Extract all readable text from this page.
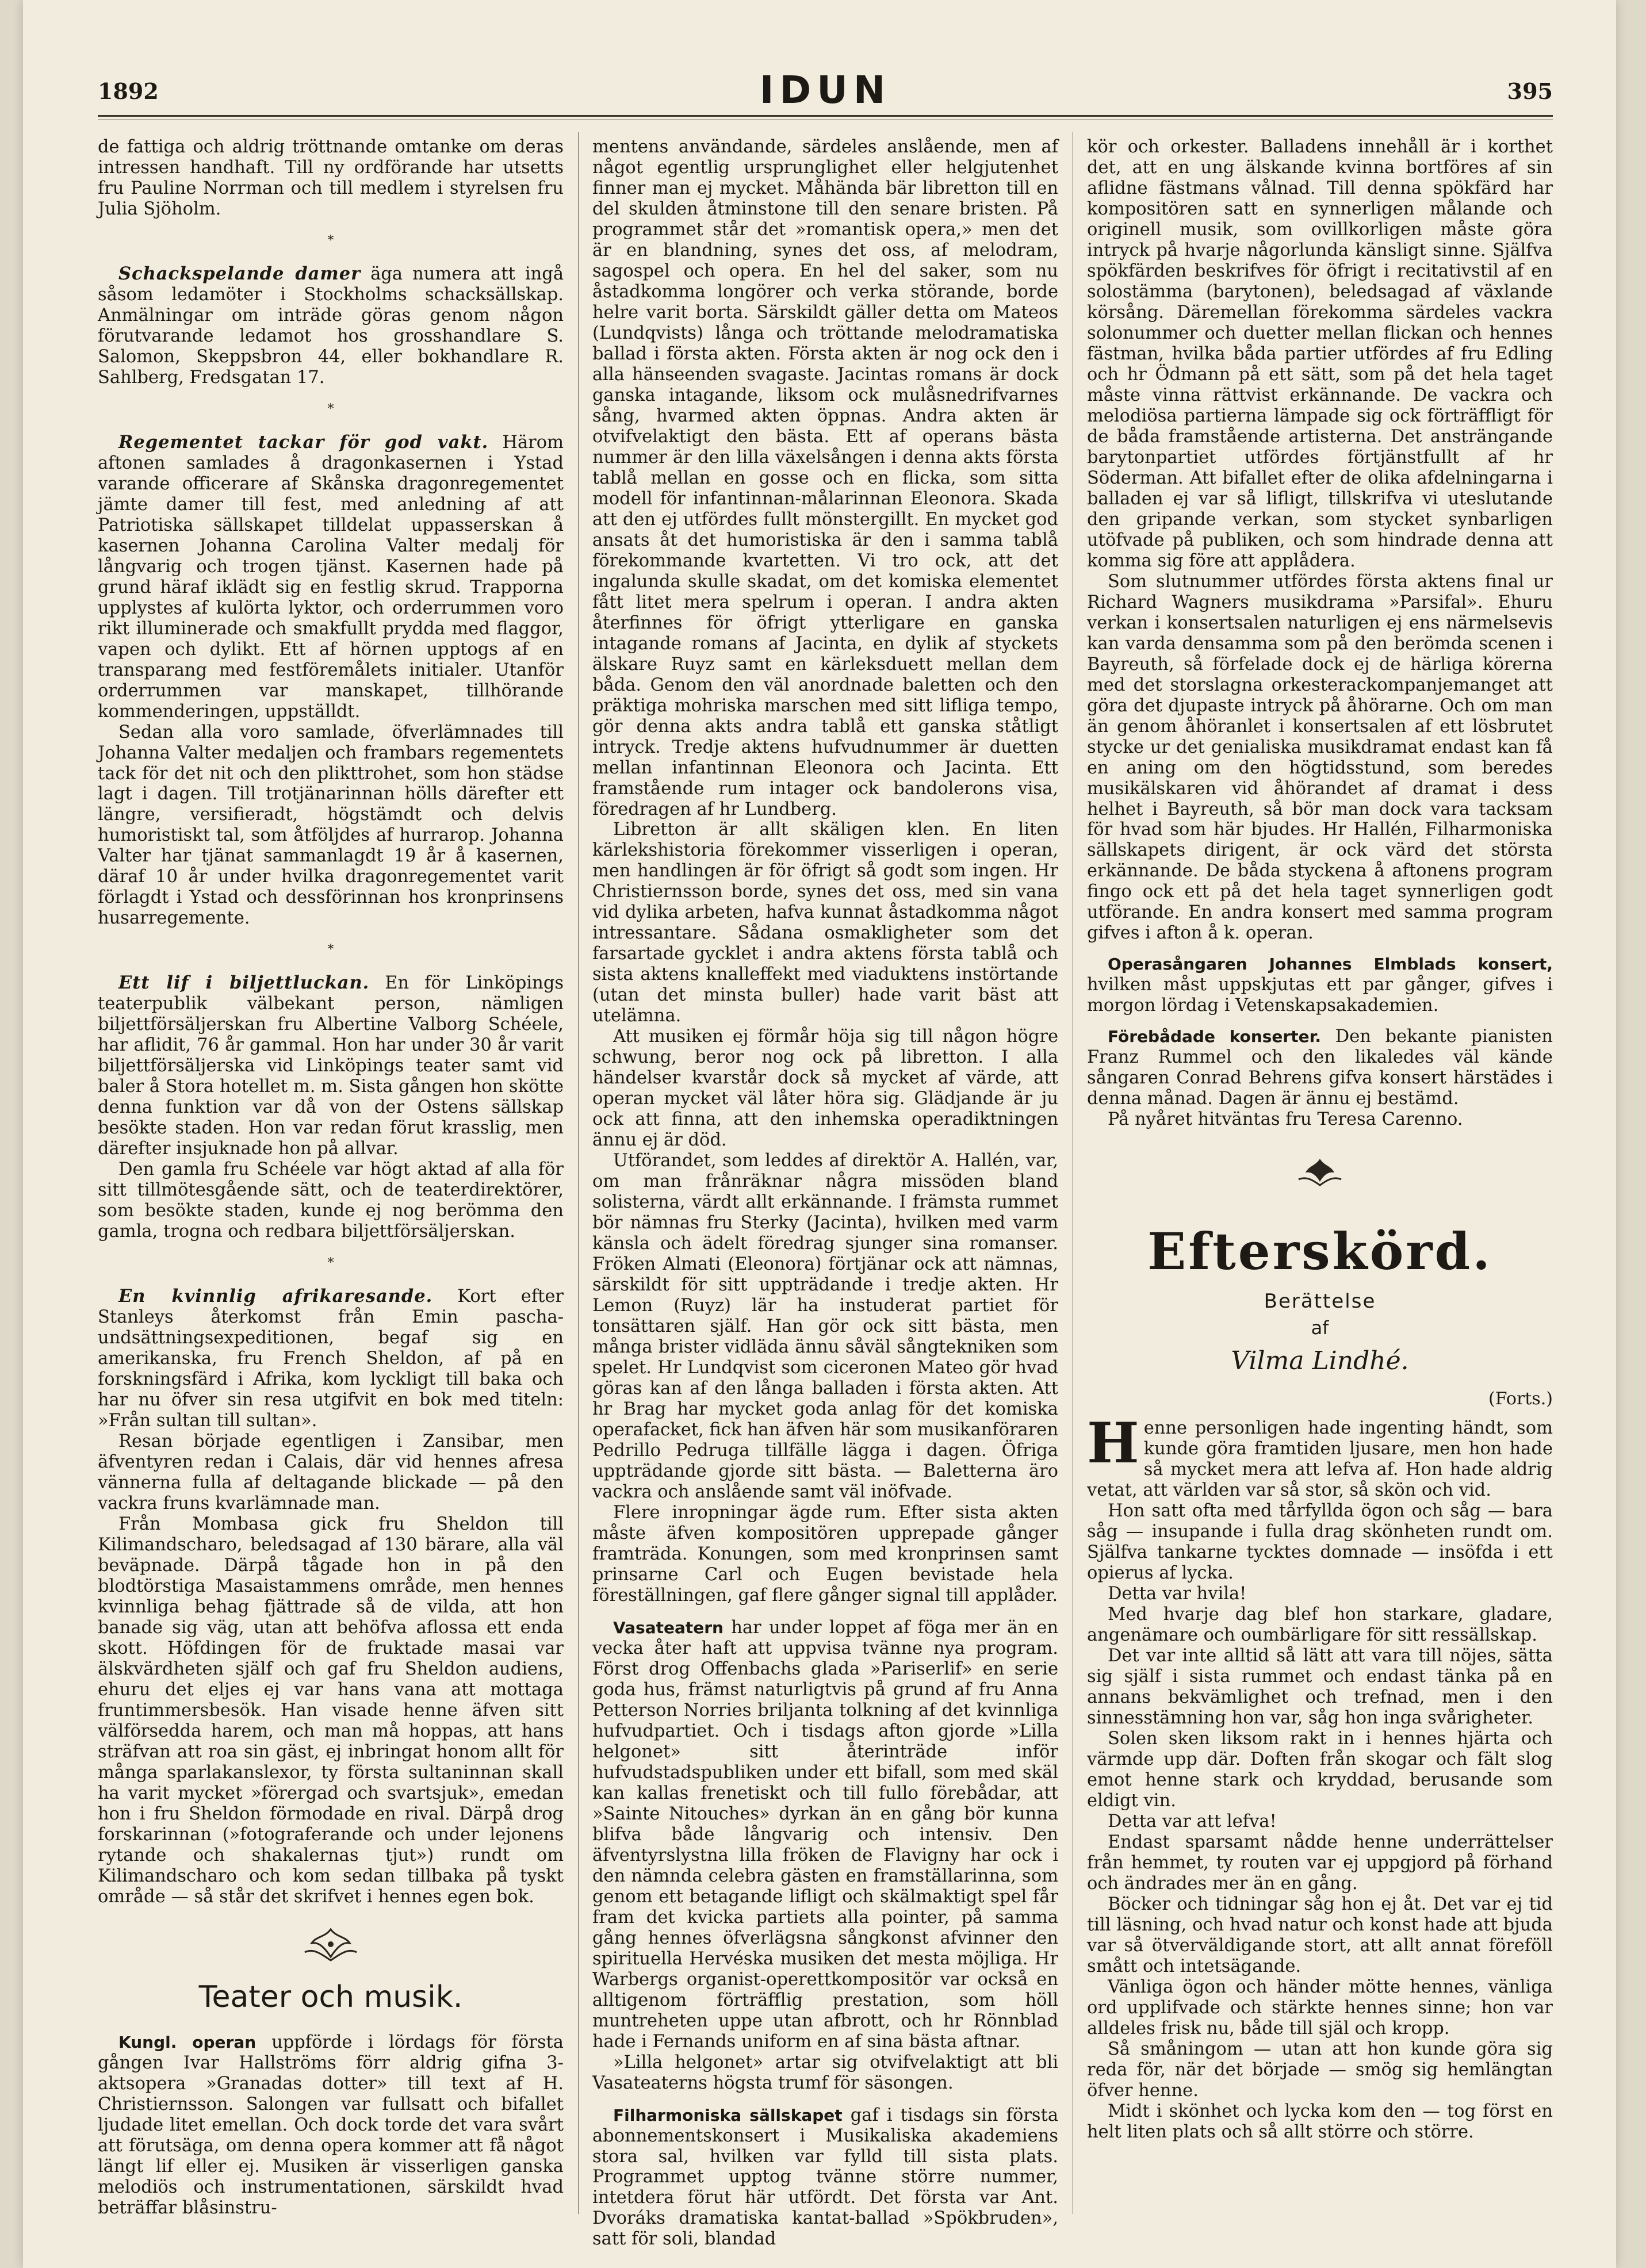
1892	IDUN	395

de fattiga och aldrig tröttnande omtanke om deras intressen handhaft. Till ny ordförande har utsetts fru Pauline Norrman och till medlem i styrelsen fru Julia Sjöholm.

*

Schackspelande damer äga numera att ingå såsom ledamöter i Stockholms schacksällskap. Anmälningar om inträde göras genom någon förutvarande ledamot hos grosshandlare S. Salomon, Skeppsbron 44, eller bokhandlare R. Sahlberg, Fredsgatan 17.

*

Regementet tackar för god vakt. Härom aftonen samlades å dragonkasernen i Ystad varande officerare af Skånska dragonregementet jämte damer till fest, med anledning af att Patriotiska sällskapet tilldelat uppasserskan å kasernen Johanna Carolina Valter medalj för långvarig och trogen tjänst. Kasernen hade på grund häraf iklädt sig en festlig skrud. Trapporna upplystes af kulörta lyktor, och orderrummen voro rikt illuminerade och smakfullt prydda med flaggor, vapen och dylikt. Ett af hörnen upptogs af en transparang med festföremålets initialer. Utanför orderrummen var manskapet, tillhörande kommenderingen, uppställdt.

Sedan alla voro samlade, öfverlämnades till Johanna Valter medaljen och frambars regementets tack för det nit och den plikttrohet, som hon städse lagt i dagen. Till trotjänarinnan hölls därefter ett längre, versifieradt, högstämdt och delvis humoristiskt tal, som åtföljdes af hurrarop. Johanna Valter har tjänat sammanlagdt 19 år å kasernen, däraf 10 år under hvilka dragonregementet varit förlagdt i Ystad och dessförinnan hos kronprinsens husarregemente.

*

Ett lif i biljettluckan. En för Linköpings teaterpublik välbekant person, nämligen biljettförsäljerskan fru Albertine Valborg Schéele, har aflidit, 76 år gammal. Hon har under 30 år varit biljettförsäljerska vid Linköpings teater samt vid baler å Stora hotellet m. m. Sista gången hon skötte denna funktion var då von der Ostens sällskap besökte staden. Hon var redan förut krasslig, men därefter insjuknade hon på allvar.

Den gamla fru Schéele var högt aktad af alla för sitt tillmötesgående sätt, och de teaterdirektörer, som besökte staden, kunde ej nog berömma den gamla, trogna och redbara biljettförsäljerskan.

*

En kvinnlig afrikaresande. Kort efter Stanleys återkomst från Emin pascha-undsättningsexpeditionen, begaf sig en amerikanska, fru French Sheldon, af på en forskningsfärd i Afrika, kom lyckligt till baka och har nu öfver sin resa utgifvit en bok med titeln: »Från sultan till sultan».

Resan började egentligen i Zansibar, men äfventyren redan i Calais, där vid hennes afresa vännerna fulla af deltagande blickade — på den vackra fruns kvarlämnade man.

Från Mombasa gick fru Sheldon till Kilimandscharo, beledsagad af 130 bärare, alla väl beväpnade. Därpå tågade hon in på den blodtörstiga Masaistammens område, men hennes kvinnliga behag fjättrade så de vilda, att hon banade sig väg, utan att behöfva aflossa ett enda skott. Höfdingen för de fruktade masai var älskvärdheten själf och gaf fru Sheldon audiens, ehuru det eljes ej var hans vana att mottaga fruntimmersbesök. Han visade henne äfven sitt välförsedda harem, och man må hoppas, att hans sträfvan att roa sin gäst, ej inbringat honom allt för många sparlakanslexor, ty första sultaninnan skall ha varit mycket »förergad och svartsjuk», emedan hon i fru Sheldon förmodade en rival. Därpå drog forskarinnan (»fotograferande och under lejonens rytande och shakalernas tjut») rundt om Kilimandscharo och kom sedan tillbaka på tyskt område — så står det skrifvet i hennes egen bok.

Teater och musik.

Kungl. operan uppförde i lördags för första gången Ivar Hallströms förr aldrig gifna 3-aktsopera »Granadas dotter» till text af H. Christiernsson. Salongen var fullsatt och bifallet ljudade litet emellan. Och dock torde det vara svårt att förutsäga, om denna opera kommer att få något längt lif eller ej. Musiken är visserligen ganska melodiös och instrumentationen, särskildt hvad beträffar blåsinstru-

mentens användande, särdeles anslående, men af något egentlig ursprunglighet eller helgjutenhet finner man ej mycket. Måhända bär libretton till en del skulden åtminstone till den senare bristen. På programmet står det »romantisk opera,» men det är en blandning, synes det oss, af melodram, sagospel och opera. En hel del saker, som nu åstadkomma longörer och verka störande, borde helre varit borta. Särskildt gäller detta om Mateos (Lundqvists) långa och tröttande melodramatiska ballad i första akten. Första akten är nog ock den i alla hänseenden svagaste. Jacintas romans är dock ganska intagande, liksom ock mulåsnedrifvarnes sång, hvarmed akten öppnas. Andra akten är otvifvelaktigt den bästa. Ett af operans bästa nummer är den lilla växelsången i denna akts första tablå mellan en gosse och en flicka, som sitta modell för infantinnan-målarinnan Eleonora. Skada att den ej utfördes fullt mönstergillt. En mycket god ansats åt det humoristiska är den i samma tablå förekommande kvartetten. Vi tro ock, att det ingalunda skulle skadat, om det komiska elementet fått litet mera spelrum i operan. I andra akten återfinnes för öfrigt ytterligare en ganska intagande romans af Jacinta, en dylik af styckets älskare Ruyz samt en kärleksduett mellan dem båda. Genom den väl anordnade baletten och den präktiga mohriska marschen med sitt lifliga tempo, gör denna akts andra tablå ett ganska ståtligt intryck. Tredje aktens hufvudnummer är duetten mellan infantinnan Eleonora och Jacinta. Ett framstående rum intager ock bandolerons visa, föredragen af hr Lundberg.

Libretton är allt skäligen klen. En liten kärlekshistoria förekommer visserligen i operan, men handlingen är för öfrigt så godt som ingen. Hr Christiernsson borde, synes det oss, med sin vana vid dylika arbeten, hafva kunnat åstadkomma något intressantare. Sådana osmakligheter som det farsartade gycklet i andra aktens första tablå och sista aktens knalleffekt med viaduktens instörtande (utan det minsta buller) hade varit bäst att utelämna.

Att musiken ej förmår höja sig till någon högre schwung, beror nog ock på libretton. I alla händelser kvarstår dock så mycket af värde, att operan mycket väl låter höra sig. Glädjande är ju ock att finna, att den inhemska operadiktningen ännu ej är död.

Utförandet, som leddes af direktör A. Hallén, var, om man frånräknar några missöden bland solisterna, värdt allt erkännande. I främsta rummet bör nämnas fru Sterky (Jacinta), hvilken med varm känsla och ädelt föredrag sjunger sina romanser. Fröken Almati (Eleonora) förtjänar ock att nämnas, särskildt för sitt uppträdande i tredje akten. Hr Lemon (Ruyz) lär ha instuderat partiet för tonsättaren själf. Han gör ock sitt bästa, men många brister vidläda ännu såväl sångtekniken som spelet. Hr Lundqvist som ciceronen Mateo gör hvad göras kan af den långa balladen i första akten. Att hr Brag har mycket goda anlag för det komiska operafacket, fick han äfven här som musikanföraren Pedrillo Pedruga tillfälle lägga i dagen. Öfriga uppträdande gjorde sitt bästa. — Baletterna äro vackra och anslående samt väl inöfvade.

Flere inropningar ägde rum. Efter sista akten måste äfven kompositören upprepade gånger framträda. Konungen, som med kronprinsen samt prinsarne Carl och Eugen bevistade hela föreställningen, gaf flere gånger signal till applåder.

Vasateatern har under loppet af föga mer än en vecka åter haft att uppvisa tvänne nya program. Först drog Offenbachs glada »Pariserlif» en serie goda hus, främst naturligtvis på grund af fru Anna Petterson Norries briljanta tolkning af det kvinnliga hufvudpartiet. Och i tisdags afton gjorde »Lilla helgonet» sitt återinträde inför hufvudstadspubliken under ett bifall, som med skäl kan kallas frenetiskt och till fullo förebådar, att »Sainte Nitouches» dyrkan än en gång bör kunna blifva både långvarig och intensiv. Den äfventyrslystna lilla fröken de Flavigny har ock i den nämnda celebra gästen en framställarinna, som genom ett betagande lifligt och skälmaktigt spel får fram det kvicka partiets alla pointer, på samma gång hennes öfverlägsna sångkonst afvinner den spirituella Hervéska musiken det mesta möjliga. Hr Warbergs organist-operettkompositör var också en alltigenom förträfflig prestation, som höll muntreheten uppe utan afbrott, och hr Rönnblad hade i Fernands uniform en af sina bästa aftnar.

»Lilla helgonet» artar sig otvifvelaktigt att bli Vasateaterns högsta trumf för säsongen.

Filharmoniska sällskapet gaf i tisdags sin första abonnementskonsert i Musikaliska akademiens stora sal, hvilken var fylld till sista plats. Programmet upptog tvänne större nummer, intetdera förut här utfördt. Det första var Ant. Dvoráks dramatiska kantat-ballad »Spökbruden», satt för soli, blandad

kör och orkester. Balladens innehåll är i korthet det, att en ung älskande kvinna bortföres af sin aflidne fästmans vålnad. Till denna spökfärd har kompositören satt en synnerligen målande och originell musik, som ovillkorligen måste göra intryck på hvarje någorlunda känsligt sinne. Själfva spökfärden beskrifves för öfrigt i recitativstil af en solostämma (barytonen), beledsagad af växlande körsång. Däremellan förekomma särdeles vackra solonummer och duetter mellan flickan och hennes fästman, hvilka båda partier utfördes af fru Edling och hr Ödmann på ett sätt, som på det hela taget måste vinna rättvist erkännande. De vackra och melodiösa partierna lämpade sig ock förträffligt för de båda framstående artisterna. Det ansträngande barytonpartiet utfördes förtjänstfullt af hr Söderman. Att bifallet efter de olika afdelningarna i balladen ej var så lifligt, tillskrifva vi uteslutande den gripande verkan, som stycket synbarligen utöfvade på publiken, och som hindrade denna att komma sig före att applådera.

Som slutnummer utfördes första aktens final ur Richard Wagners musikdrama »Parsifal». Ehuru verkan i konsertsalen naturligen ej ens närmelsevis kan varda densamma som på den berömda scenen i Bayreuth, så förfelade dock ej de härliga körerna med det storslagna orkesterackompanjemanget att göra det djupaste intryck på åhörarne. Och om man än genom åhöranlet i konsertsalen af ett lösbrutet stycke ur det genialiska musikdramat endast kan få en aning om den högtidsstund, som beredes musikälskaren vid åhörandet af dramat i dess helhet i Bayreuth, så bör man dock vara tacksam för hvad som här bjudes. Hr Hallén, Filharmoniska sällskapets dirigent, är ock värd det största erkännande. De båda styckena å aftonens program fingo ock ett på det hela taget synnerligen godt utförande. En andra konsert med samma program gifves i afton å k. operan.

Operasångaren Johannes Elmblads konsert, hvilken måst uppskjutas ett par gånger, gifves i morgon lördag i Vetenskapsakademien.

Förebådade konserter. Den bekante pianisten Franz Rummel och den likaledes väl kände sångaren Conrad Behrens gifva konsert härstädes i denna månad. Dagen är ännu ej bestämd.

På nyåret hitväntas fru Teresa Carenno.

Efterskörd.

Berättelse

af

Vilma Lindhé.

(Forts.)

Henne personligen hade ingenting händt, som kunde göra framtiden ljusare, men hon hade så mycket mera att lefva af. Hon hade aldrig vetat, att världen var så stor, så skön och vid.

Hon satt ofta med tårfyllda ögon och såg — bara såg — insupande i fulla drag skönheten rundt om. Själfva tankarne tycktes domnade — insöfda i ett opierus af lycka.

Detta var hvila!

Med hvarje dag blef hon starkare, gladare, angenämare och oumbärligare för sitt ressällskap.

Det var inte alltid så lätt att vara till nöjes, sätta sig själf i sista rummet och endast tänka på en annans bekvämlighet och trefnad, men i den sinnesstämning hon var, såg hon inga svårigheter.

Solen sken liksom rakt in i hennes hjärta och värmde upp där. Doften från skogar och fält slog emot henne stark och kryddad, berusande som eldigt vin.

Detta var att lefva!

Endast sparsamt nådde henne underrättelser från hemmet, ty routen var ej uppgjord på förhand och ändrades mer än en gång.

Böcker och tidningar såg hon ej åt. Det var ej tid till läsning, och hvad natur och konst hade att bjuda var så ötverväldigande stort, att allt annat föreföll smått och intetsägande.

Vänliga ögon och händer mötte hennes, vänliga ord upplifvade och stärkte hennes sinne; hon var alldeles frisk nu, både till själ och kropp.

Så småningom — utan att hon kunde göra sig reda för, när det började — smög sig hemlängtan öfver henne.

Midt i skönhet och lycka kom den — tog först en helt liten plats och så allt större och större.
